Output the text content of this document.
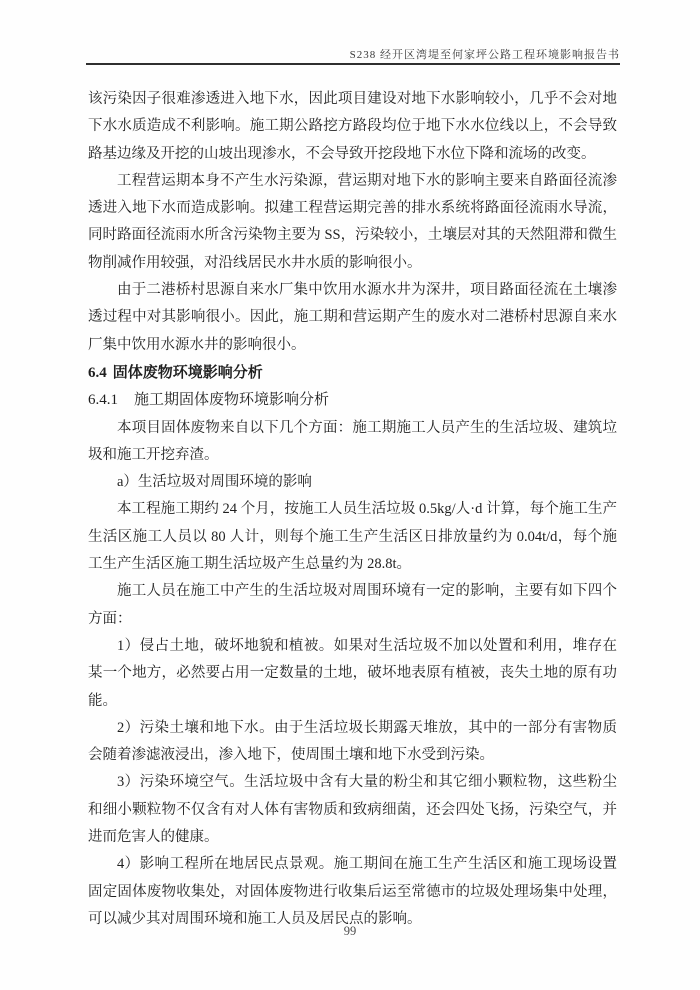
S238 经开区湾堤至何家坪公路工程环境影响报告书

该污染因子很难渗透进入地下水，因此项目建设对地下水影响较小，几乎不会对地下水水质造成不利影响。施工期公路挖方路段均位于地下水水位线以上，不会导致路基边缘及开挖的山坡出现渗水，不会导致开挖段地下水位下降和流场的改变。

工程营运期本身不产生水污染源，营运期对地下水的影响主要来自路面径流渗透进入地下水而造成影响。拟建工程营运期完善的排水系统将路面径流雨水导流，同时路面径流雨水所含污染物主要为 SS，污染较小，土壤层对其的天然阻滞和微生物削减作用较强，对沿线居民水井水质的影响很小。

由于二港桥村思源自来水厂集中饮用水源水井为深井，项目路面径流在土壤渗透过程中对其影响很小。因此，施工期和营运期产生的废水对二港桥村思源自来水厂集中饮用水源水井的影响很小。

6.4 固体废物环境影响分析
6.4.1 施工期固体废物环境影响分析

本项目固体废物来自以下几个方面：施工期施工人员产生的生活垃圾、建筑垃圾和施工开挖弃渣。

a）生活垃圾对周围环境的影响

本工程施工期约 24 个月，按施工人员生活垃圾 0.5kg/人·d 计算，每个施工生产生活区施工人员以 80 人计，则每个施工生产生活区日排放量约为 0.04t/d，每个施工生产生活区施工期生活垃圾产生总量约为 28.8t。

施工人员在施工中产生的生活垃圾对周围环境有一定的影响，主要有如下四个方面：

1）侵占土地，破坏地貌和植被。如果对生活垃圾不加以处置和利用，堆存在某一个地方，必然要占用一定数量的土地，破坏地表原有植被，丧失土地的原有功能。

2）污染土壤和地下水。由于生活垃圾长期露天堆放，其中的一部分有害物质会随着渗滤液浸出，渗入地下，使周围土壤和地下水受到污染。

3）污染环境空气。生活垃圾中含有大量的粉尘和其它细小颗粒物，这些粉尘和细小颗粒物不仅含有对人体有害物质和致病细菌，还会四处飞扬，污染空气，并进而危害人的健康。

4）影响工程所在地居民点景观。施工期间在施工生产生活区和施工现场设置固定固体废物收集处，对固体废物进行收集后运至常德市的垃圾处理场集中处理，可以减少其对周围环境和施工人员及居民点的影响。

99
